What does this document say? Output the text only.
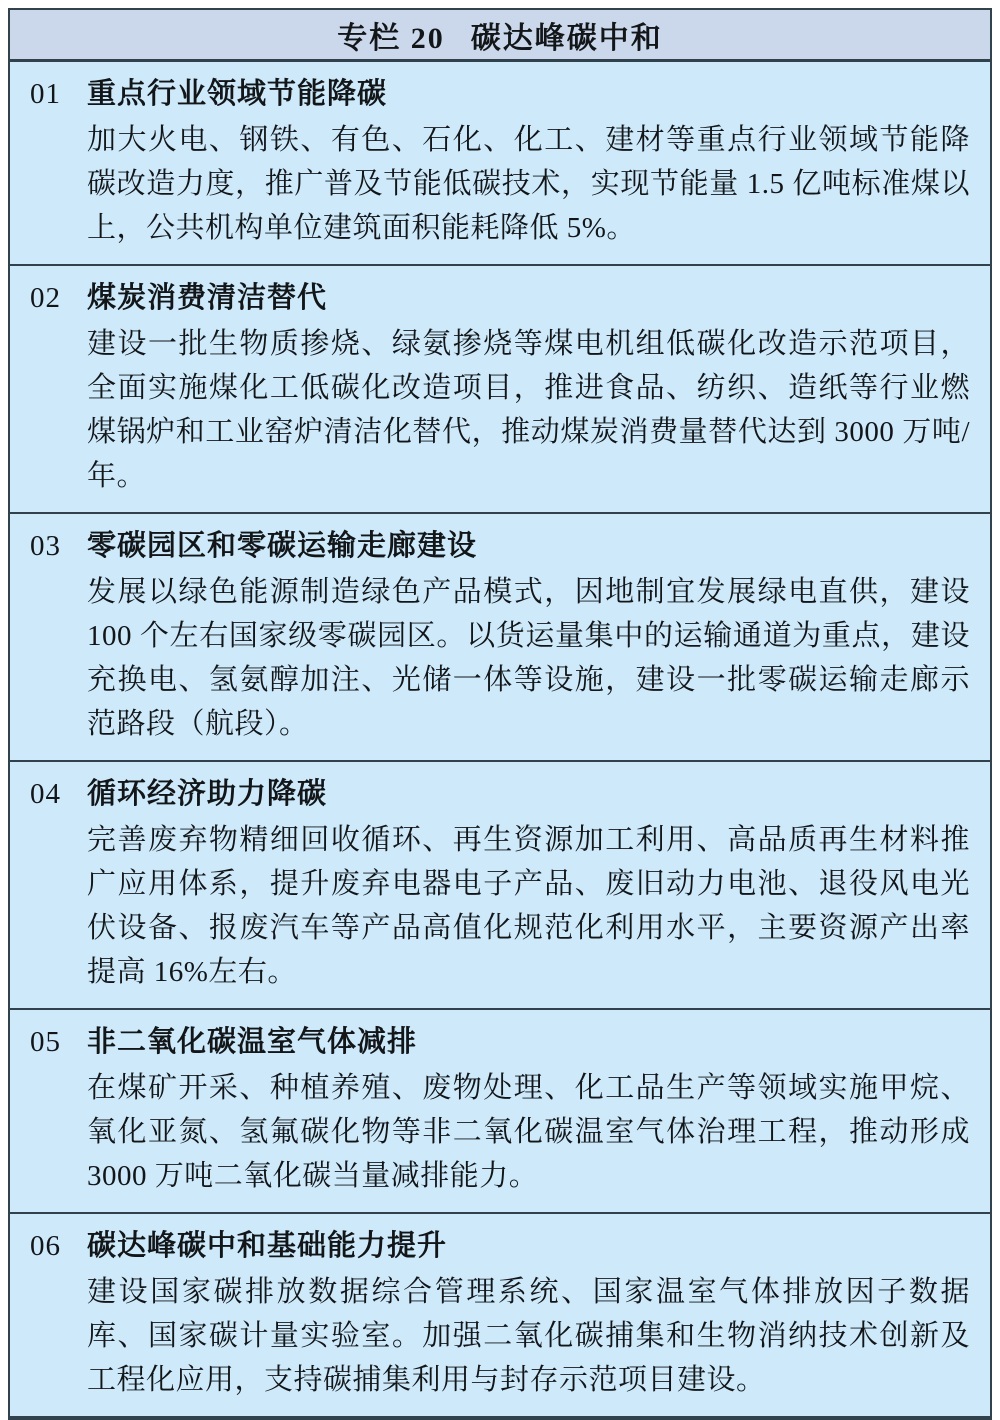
专栏 20 碳达峰碳中和
01 重点行业领域节能降碳
加大火电、钢铁、有色、石化、化工、建材等重点行业领域节能降碳改造力度，推广普及节能低碳技术，实现节能量 1.5 亿吨标准煤以上，公共机构单位建筑面积能耗降低 5%。
02 煤炭消费清洁替代
建设一批生物质掺烧、绿氨掺烧等煤电机组低碳化改造示范项目，全面实施煤化工低碳化改造项目，推进食品、纺织、造纸等行业燃煤锅炉和工业窑炉清洁化替代，推动煤炭消费量替代达到 3000 万吨/年。
03 零碳园区和零碳运输走廊建设
发展以绿色能源制造绿色产品模式，因地制宜发展绿电直供，建设 100 个左右国家级零碳园区。以货运量集中的运输通道为重点，建设充换电、氢氨醇加注、光储一体等设施，建设一批零碳运输走廊示范路段（航段）。
04 循环经济助力降碳
完善废弃物精细回收循环、再生资源加工利用、高品质再生材料推广应用体系，提升废弃电器电子产品、废旧动力电池、退役风电光伏设备、报废汽车等产品高值化规范化利用水平，主要资源产出率提高 16%左右。
05 非二氧化碳温室气体减排
在煤矿开采、种植养殖、废物处理、化工品生产等领域实施甲烷、氧化亚氮、氢氟碳化物等非二氧化碳温室气体治理工程，推动形成 3000 万吨二氧化碳当量减排能力。
06 碳达峰碳中和基础能力提升
建设国家碳排放数据综合管理系统、国家温室气体排放因子数据库、国家碳计量实验室。加强二氧化碳捕集和生物消纳技术创新及工程化应用，支持碳捕集利用与封存示范项目建设。
